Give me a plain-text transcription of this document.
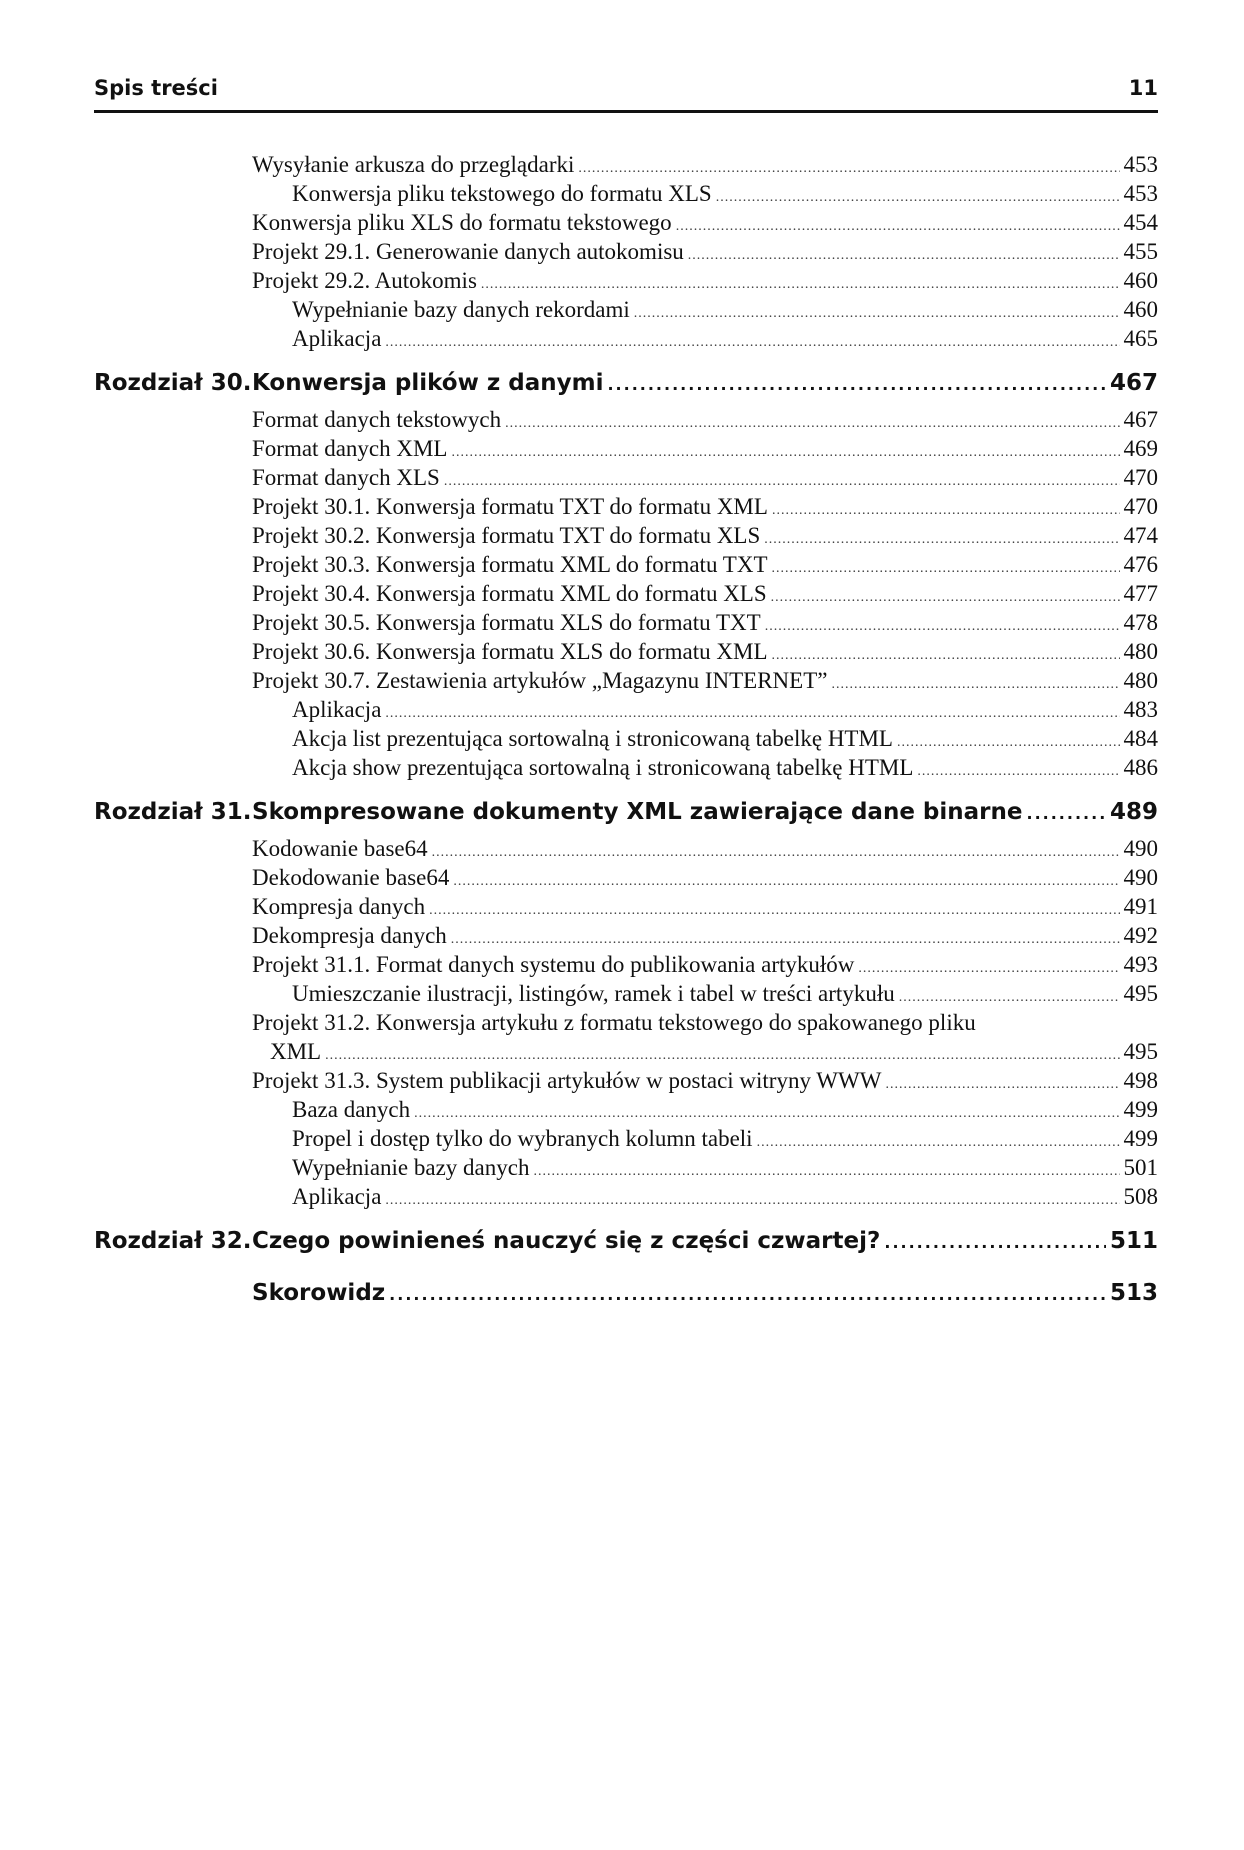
Spis treści	11
Wysyłanie arkusza do przeglądarki .....	453
Konwersja pliku tekstowego do formatu XLS .....	453
Konwersja pliku XLS do formatu tekstowego .....	454
Projekt 29.1. Generowanie danych autokomisu .....	455
Projekt 29.2. Autokomis .....	460
Wypełnianie bazy danych rekordami .....	460
Aplikacja .....	465
Rozdział 30. Konwersja plików z danymi .....	467
Format danych tekstowych .....	467
Format danych XML .....	469
Format danych XLS .....	470
Projekt 30.1. Konwersja formatu TXT do formatu XML .....	470
Projekt 30.2. Konwersja formatu TXT do formatu XLS .....	474
Projekt 30.3. Konwersja formatu XML do formatu TXT .....	476
Projekt 30.4. Konwersja formatu XML do formatu XLS .....	477
Projekt 30.5. Konwersja formatu XLS do formatu TXT .....	478
Projekt 30.6. Konwersja formatu XLS do formatu XML .....	480
Projekt 30.7. Zestawienia artykułów „Magazynu INTERNET” .....	480
Aplikacja .....	483
Akcja list prezentująca sortowalną i stronicowaną tabelkę HTML .....	484
Akcja show prezentująca sortowalną i stronicowaną tabelkę HTML .....	486
Rozdział 31. Skompresowane dokumenty XML zawierające dane binarne .....	489
Kodowanie base64 .....	490
Dekodowanie base64 .....	490
Kompresja danych .....	491
Dekompresja danych .....	492
Projekt 31.1. Format danych systemu do publikowania artykułów .....	493
Umieszczanie ilustracji, listingów, ramek i tabel w treści artykułu .....	495
Projekt 31.2. Konwersja artykułu z formatu tekstowego do spakowanego pliku
XML .....	495
Projekt 31.3. System publikacji artykułów w postaci witryny WWW .....	498
Baza danych .....	499
Propel i dostęp tylko do wybranych kolumn tabeli .....	499
Wypełnianie bazy danych .....	501
Aplikacja .....	508
Rozdział 32. Czego powinieneś nauczyć się z części czwartej? .....	511
Skorowidz .....	513
